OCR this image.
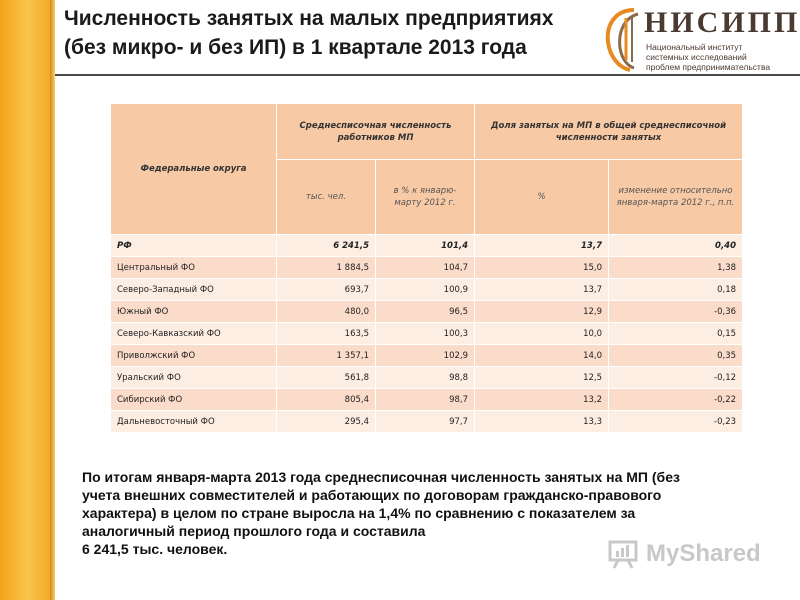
Численность занятых на малых предприятиях
(без микро- и без ИП) в 1 квартале 2013 года
НИСИПП
Национальный институт
системных исследований
проблем предпринимательства
Федеральные округа	Среднесписочная численность работников МП		Доля занятых на МП в общей среднесписочной численности занятых	
	тыс. чел.	в % к январю-марту 2012 г.	%	изменение относительно января-марта 2012 г., п.п.
РФ	6 241,5	101,4	13,7	0,40
Центральный ФО	1 884,5	104,7	15,0	1,38
Северо-Западный ФО	693,7	100,9	13,7	0,18
Южный ФО	480,0	96,5	12,9	-0,36
Северо-Кавказский ФО	163,5	100,3	10,0	0,15
Приволжский ФО	1 357,1	102,9	14,0	0,35
Уральский ФО	561,8	98,8	12,5	-0,12
Сибирский ФО	805,4	98,7	13,2	-0,22
Дальневосточный ФО	295,4	97,7	13,3	-0,23
По итогам января-марта 2013 года среднесписочная численность занятых на МП (без
учета внешних совместителей и работающих по договорам гражданско-правового
характера) в целом по стране выросла на 1,4% по сравнению с показателем за
аналогичный период прошлого года и составила
6 241,5 тыс. человек.	MyShared
